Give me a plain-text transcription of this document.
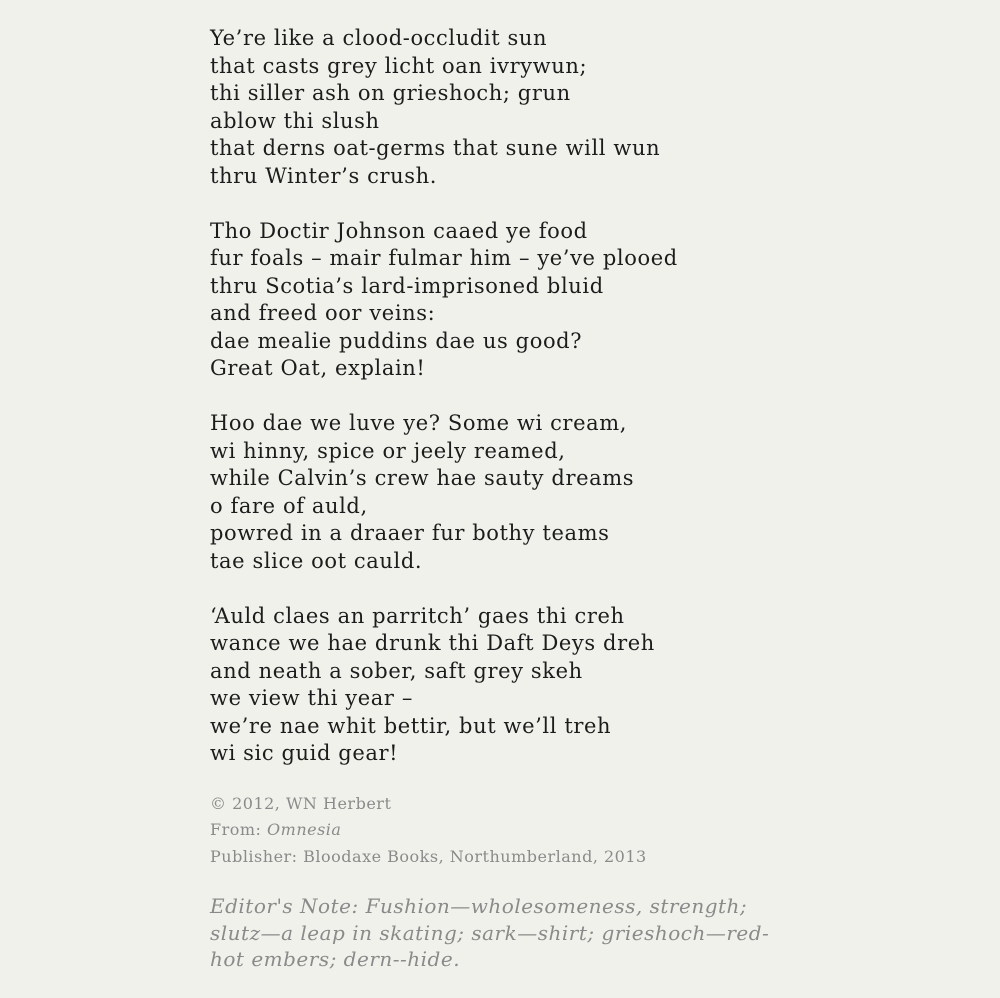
Ye’re like a clood-occludit sun
that casts grey licht oan ivrywun;
thi siller ash on grieshoch; grun
ablow thi slush
that derns oat-germs that sune will wun
thru Winter’s crush.
Tho Doctir Johnson caaed ye food
fur foals – mair fulmar him – ye’ve plooed
thru Scotia’s lard-imprisoned bluid
and freed oor veins:
dae mealie puddins dae us good?
Great Oat, explain!
Hoo dae we luve ye? Some wi cream,
wi hinny, spice or jeely reamed,
while Calvin’s crew hae sauty dreams
o fare of auld,
powred in a draaer fur bothy teams
tae slice oot cauld.
‘Auld claes an parritch’ gaes thi creh
wance we hae drunk thi Daft Deys dreh
and neath a sober, saft grey skeh
we view thi year –
we’re nae whit bettir, but we’ll treh
wi sic guid gear!
© 2012, WN Herbert
From: Omnesia
Publisher: Bloodaxe Books, Northumberland, 2013
Editor's Note: Fushion—wholesomeness, strength; slutz—a leap in skating; sark—shirt; grieshoch—red-hot embers; dern--hide.
